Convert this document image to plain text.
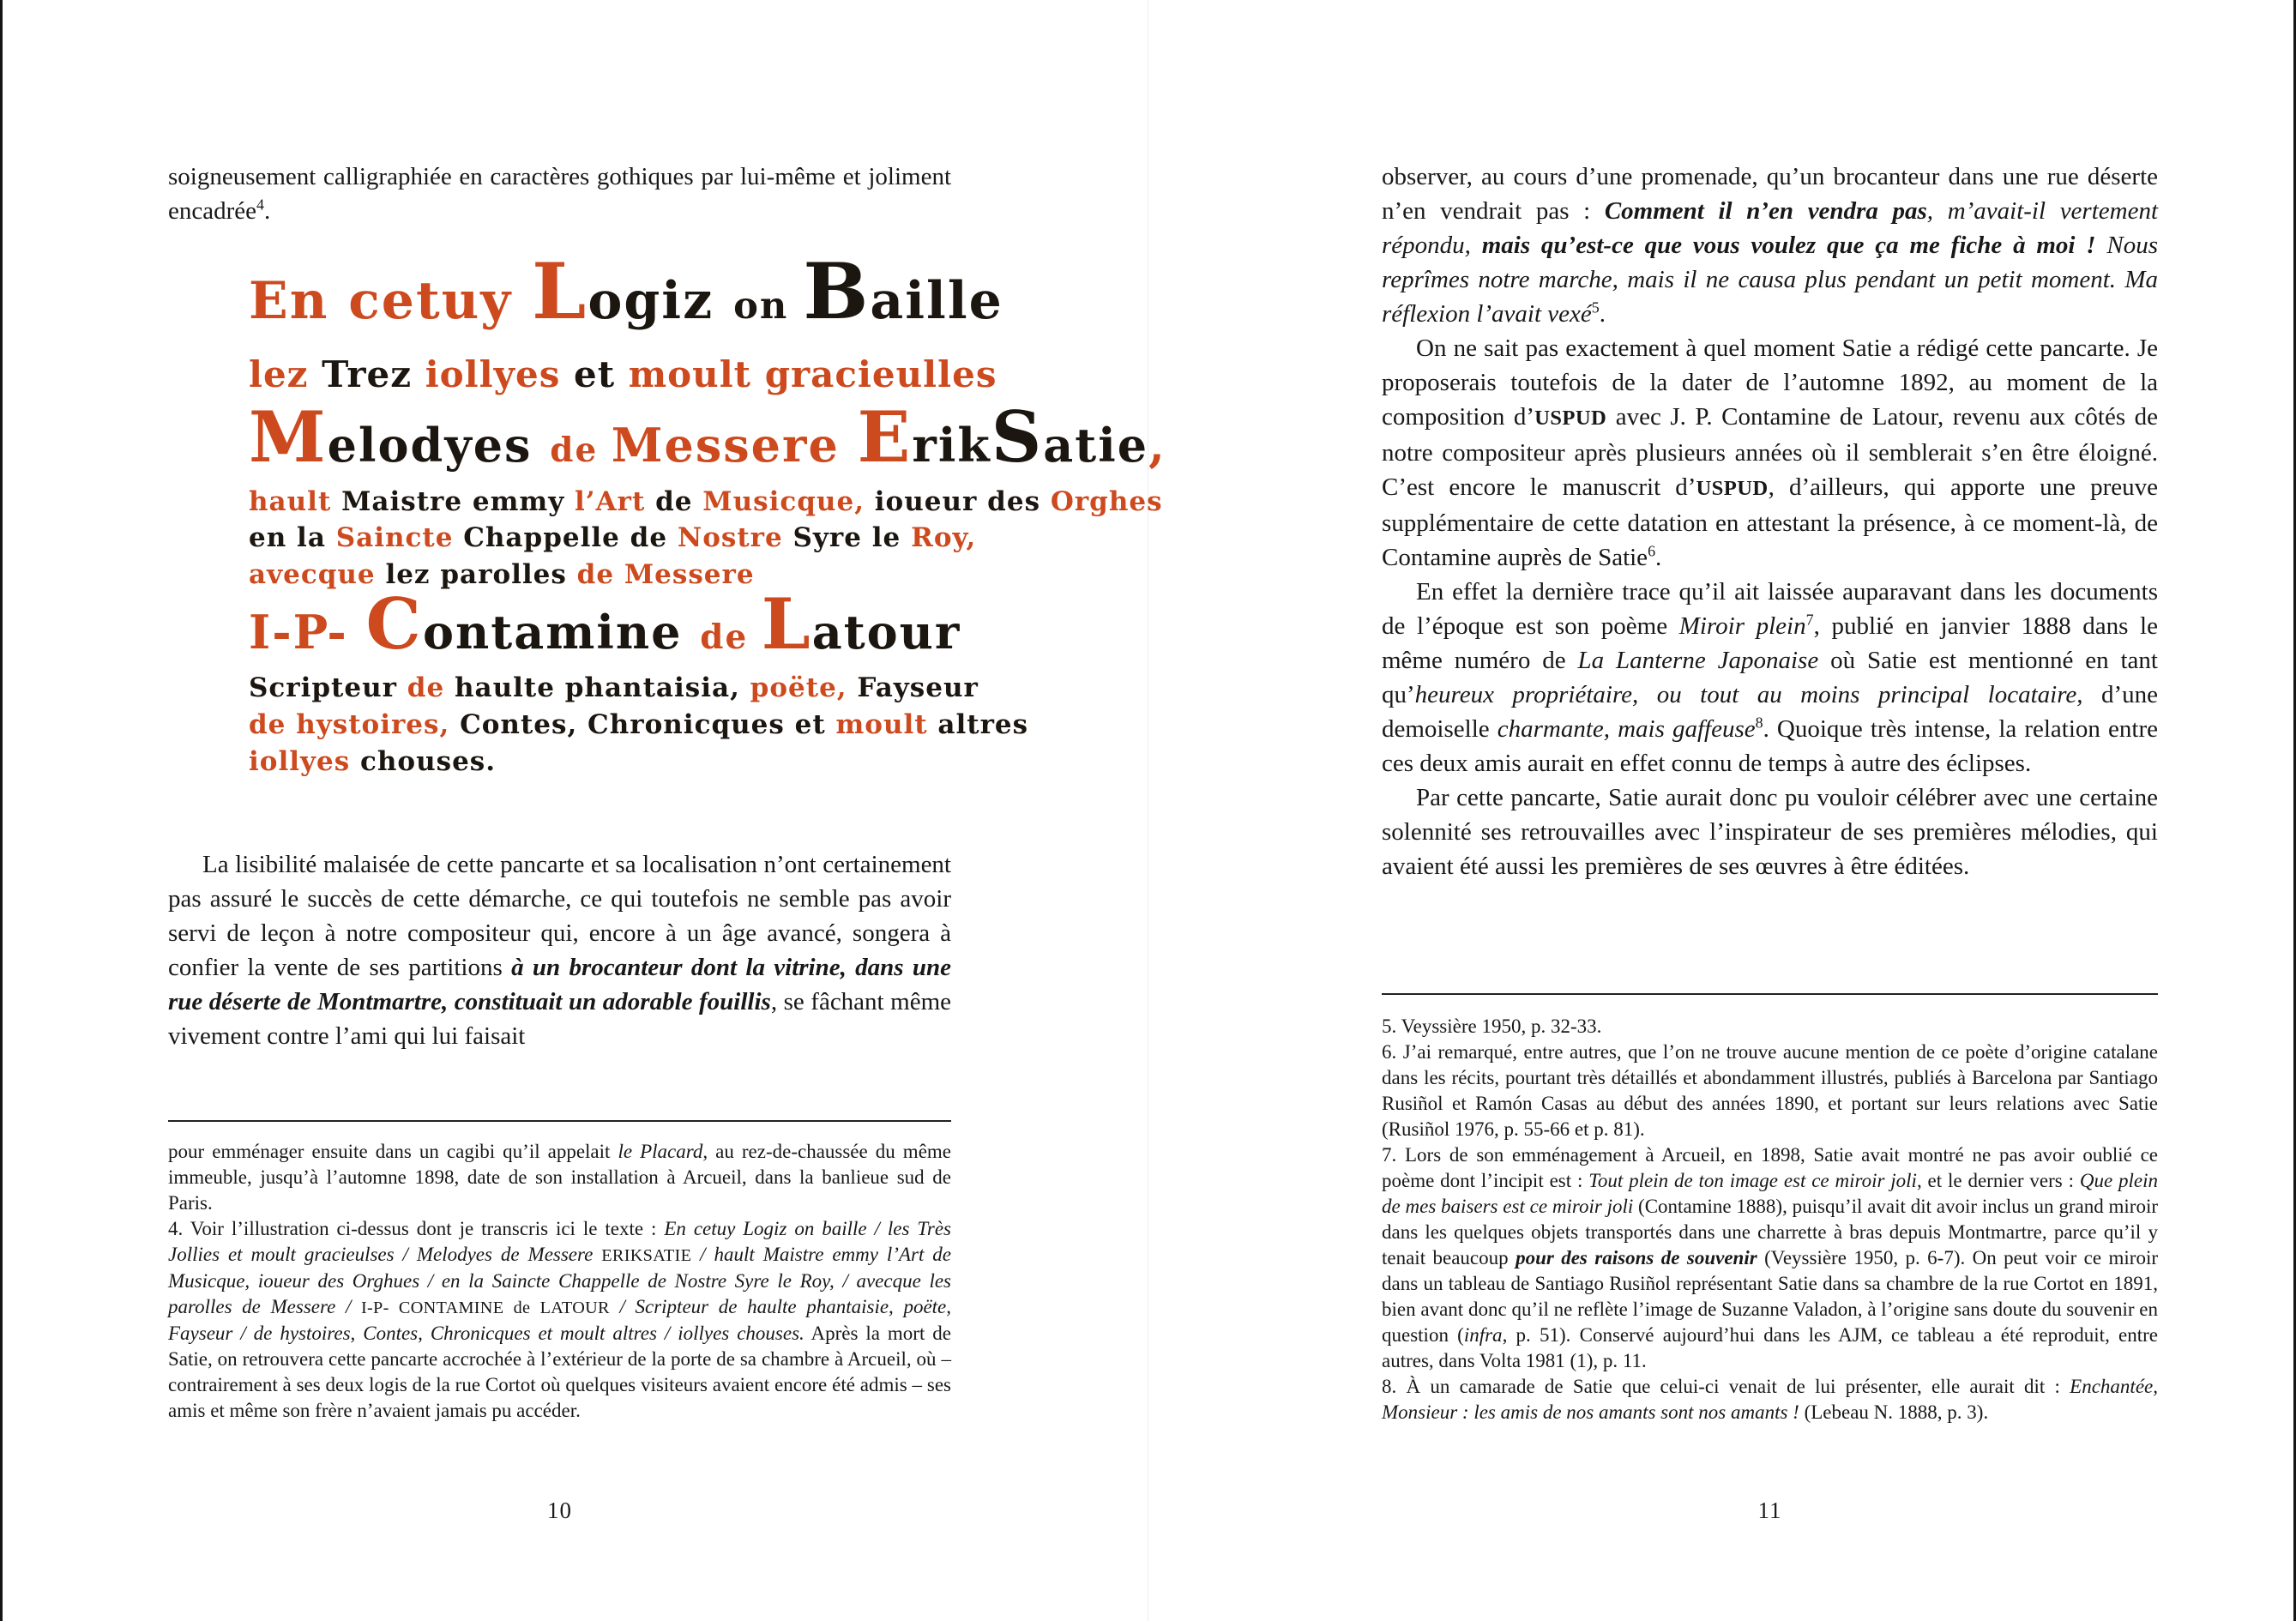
soigneusement calligraphiée en caractères gothiques par lui-même et joliment encadrée$^4$.
En cetuy Logiz on Baille
lez Trez iollyes et moult gracieulles
Melodyes de Messere ErikSatie,
hault Maistre emmy l’Art de Musicque, ioueur des Orghes
en la Saincte Chappelle de Nostre Syre le Roy,
avecque lez parolles de Messere
I-P- Contamine de Latour
Scripteur de haulte phantaisia, poëte, Fayseur
de hystoires, Contes, Chronicques et moult altres
iollyes chouses.
La lisibilité malaisée de cette pancarte et sa localisation n’ont certainement pas assuré le succès de cette démarche, ce qui toutefois ne semble pas avoir servi de leçon à notre compositeur qui, encore à un âge avancé, songera à confier la vente de ses partitions à un brocanteur dont la vitrine, dans une rue déserte de Montmartre, constituait un adorable fouillis, se fâchant même vivement contre l’ami qui lui faisait
pour emménager ensuite dans un cagibi qu’il appelait le Placard, au rez-de-chaussée du même immeuble, jusqu’à l’automne 1898, date de son installation à Arcueil, dans la banlieue sud de Paris.
4. Voir l’illustration ci-dessus dont je transcris ici le texte : En cetuy Logiz on baille / les Très Jollies et moult gracieulses / Melodyes de Messere ERIKSATIE / hault Maistre emmy l’Art de Musicque, ioueur des Orghues / en la Saincte Chappelle de Nostre Syre le Roy, / avecque les parolles de Messere / I-P- CONTAMINE de LATOUR / Scripteur de haulte phantaisie, poëte, Fayseur / de hystoires, Contes, Chronicques et moult altres / iollyes chouses. Après la mort de Satie, on retrouvera cette pancarte accrochée à l’extérieur de la porte de sa chambre à Arcueil, où – contrairement à ses deux logis de la rue Cortot où quelques visiteurs avaient encore été admis – ses amis et même son frère n’avaient jamais pu accéder.
10
observer, au cours d’une promenade, qu’un brocanteur dans une rue déserte n’en vendrait pas : Comment il n’en vendra pas, m’avait-il vertement répondu, mais qu’est-ce que vous voulez que ça me fiche à moi ! Nous reprîmes notre marche, mais il ne causa plus pendant un petit moment. Ma réflexion l’avait vexé$^5$.
On ne sait pas exactement à quel moment Satie a rédigé cette pancarte. Je proposerais toutefois de la dater de l’automne 1892, au moment de la composition d’USPUD avec J. P. Contamine de Latour, revenu aux côtés de notre compositeur après plusieurs années où il semblerait s’en être éloigné. C’est encore le manuscrit d’USPUD, d’ailleurs, qui apporte une preuve supplémentaire de cette datation en attestant la présence, à ce moment-là, de Contamine auprès de Satie$^6$.
En effet la dernière trace qu’il ait laissée auparavant dans les documents de l’époque est son poème Miroir plein$^7$, publié en janvier 1888 dans le même numéro de La Lanterne Japonaise où Satie est mentionné en tant qu’heureux propriétaire, ou tout au moins principal locataire, d’une demoiselle charmante, mais gaffeuse$^8$. Quoique très intense, la relation entre ces deux amis aurait en effet connu de temps à autre des éclipses.
Par cette pancarte, Satie aurait donc pu vouloir célébrer avec une certaine solennité ses retrouvailles avec l’inspirateur de ses premières mélodies, qui avaient été aussi les premières de ses œuvres à être éditées.
5. Veyssière 1950, p. 32-33.
6. J’ai remarqué, entre autres, que l’on ne trouve aucune mention de ce poète d’origine catalane dans les récits, pourtant très détaillés et abondamment illustrés, publiés à Barcelona par Santiago Rusiñol et Ramón Casas au début des années 1890, et portant sur leurs relations avec Satie (Rusiñol 1976, p. 55-66 et p. 81).
7. Lors de son emménagement à Arcueil, en 1898, Satie avait montré ne pas avoir oublié ce poème dont l’incipit est : Tout plein de ton image est ce miroir joli, et le dernier vers : Que plein de mes baisers est ce miroir joli (Contamine 1888), puisqu’il avait dit avoir inclus un grand miroir dans les quelques objets transportés dans une charrette à bras depuis Montmartre, parce qu’il y tenait beaucoup pour des raisons de souvenir (Veyssière 1950, p. 6-7). On peut voir ce miroir dans un tableau de Santiago Rusiñol représentant Satie dans sa chambre de la rue Cortot en 1891, bien avant donc qu’il ne reflète l’image de Suzanne Valadon, à l’origine sans doute du souvenir en question (infra, p. 51). Conservé aujourd’hui dans les AJM, ce tableau a été reproduit, entre autres, dans Volta 1981 (1), p. 11.
8. À un camarade de Satie que celui-ci venait de lui présenter, elle aurait dit : Enchantée, Monsieur : les amis de nos amants sont nos amants ! (Lebeau N. 1888, p. 3).
11
